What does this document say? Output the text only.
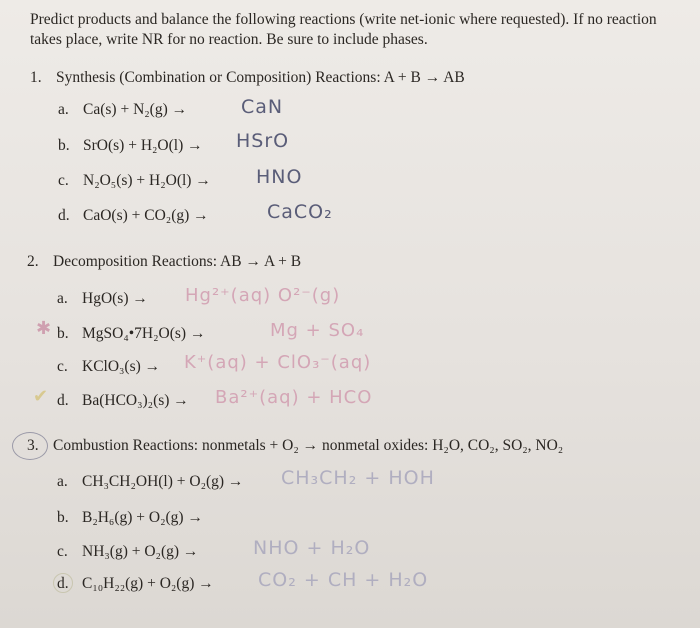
Predict products and balance the following reactions (write net-ionic where requested). If no reaction takes place, write NR for no reaction. Be sure to include phases.
1. Synthesis (Combination or Composition) Reactions: A + B → AB
a. Ca(s) + N₂(g) →	CaN
b. SrO(s) + H₂O(l) → HSrO
c. N₂O₅(s) + H₂O(l) → HNO
d. CaO(s) + CO₂(g) →	CaCO₂
2. Decomposition Reactions: AB → A + B
a. HgO(s) → Hg²⁺(aq) O²⁻(g)
✱ b. MgSO₄•7H₂O(s) →	Mg + SO₄
c. KClO₃(s) → K⁺(aq) + ClO₃⁻(aq)
✔ d. Ba(HCO₃)₂(s) → Ba²⁺(aq) + HCO
3. Combustion Reactions: nonmetals + O₂ → nonmetal oxides: H₂O, CO₂, SO₂, NO₂
a. CH₃CH₂OH(l) + O₂(g) → CH₃CH₂ + HOH
b. B₂H₆(g) + O₂(g) →
c. NH₃(g) + O₂(g) →	NHO + H₂O
d. C₁₀H₂₂(g) + O₂(g) → CO₂ + CH + H₂O
